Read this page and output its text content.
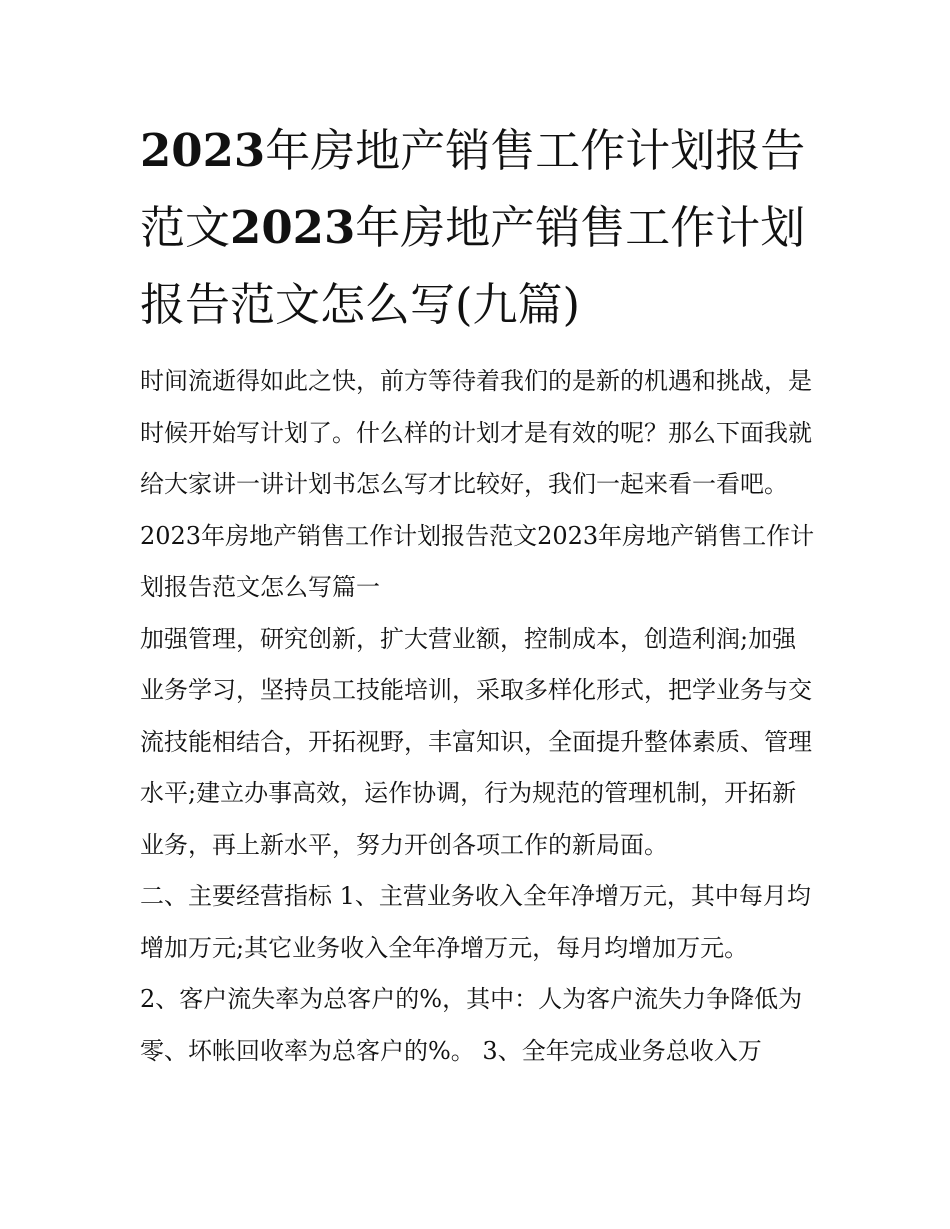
2023年房地产销售工作计划报告范文2023年房地产销售工作计划报告范文怎么写(九篇)

时间流逝得如此之快，前方等待着我们的是新的机遇和挑战，是时候开始写计划了。什么样的计划才是有效的呢？那么下面我就给大家讲一讲计划书怎么写才比较好，我们一起来看一看吧。

2023年房地产销售工作计划报告范文2023年房地产销售工作计划报告范文怎么写篇一

加强管理，研究创新，扩大营业额，控制成本，创造利润;加强业务学习，坚持员工技能培训，采取多样化形式，把学业务与交流技能相结合，开拓视野，丰富知识，全面提升整体素质、管理水平;建立办事高效，运作协调，行为规范的管理机制，开拓新业务，再上新水平，努力开创各项工作的新局面。

二、主要经营指标 1、主营业务收入全年净增万元，其中每月均增加万元;其它业务收入全年净增万元，每月均增加万元。

2、客户流失率为总客户的%，其中：人为客户流失力争降低为零、坏帐回收率为总客户的%。 3、全年完成业务总收入万
